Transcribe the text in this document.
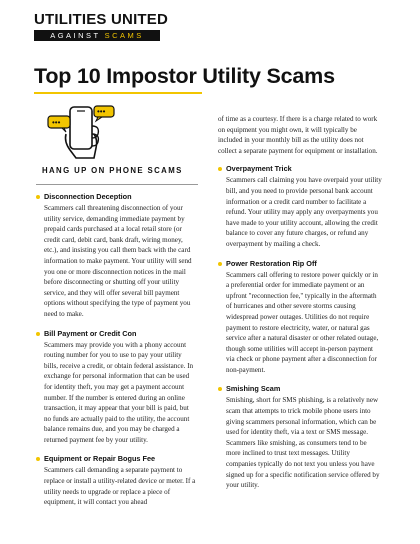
UTILITIES UNITED
AGAINST SCAMS
Top 10 Impostor Utility Scams
•••
•••
HANG UP ON PHONE SCAMS
Disconnection Deception
Scammers call threatening disconnection of your utility service, demanding immediate payment by prepaid cards purchased at a local retail store (or credit card, debit card, bank draft, wiring money, etc.), and insisting you call them back with the card information to make payment. Your utility will send you one or more disconnection notices in the mail before disconnecting or shutting off your utility service, and they will offer several bill payment options without specifying the type of payment you need to make.
Bill Payment or Credit Con
Scammers may provide you with a phony account routing number for you to use to pay your utility bills, receive a credit, or obtain federal assistance. In exchange for personal information that can be used for identity theft, you may get a payment account number. If the number is entered during an online transaction, it may appear that your bill is paid, but no funds are actually paid to the utility, the account balance remains due, and you may be charged a returned payment fee by your utility.
Equipment or Repair Bogus Fee
Scammers call demanding a separate payment to replace or install a utility-related device or meter. If a utility needs to upgrade or replace a piece of equipment, it will contact you ahead
of time as a courtesy. If there is a charge related to work on equipment you might own, it will typically be included in your monthly bill as the utility does not collect a separate payment for equipment or installation.
Overpayment Trick
Scammers call claiming you have overpaid your utility bill, and you need to provide personal bank account information or a credit card number to facilitate a refund. Your utility may apply any overpayments you have made to your utility account, allowing the credit balance to cover any future charges, or refund any overpayment by mailing a check.
Power Restoration Rip Off
Scammers call offering to restore power quickly or in a preferential order for immediate payment or an upfront "reconnection fee," typically in the aftermath of hurricanes and other severe storms causing widespread power outages. Utilities do not require payment to restore electricity, water, or natural gas service after a natural disaster or other related outage, though some utilities will accept in-person payment via check or phone payment after a disconnection for non-payment.
Smishing Scam
Smishing, short for SMS phishing, is a relatively new scam that attempts to trick mobile phone users into giving scammers personal information, which can be used for identity theft, via a text or SMS message. Scammers like smishing, as consumers tend to be more inclined to trust text messages. Utility companies typically do not text you unless you have signed up for a specific notification service offered by your utility.
